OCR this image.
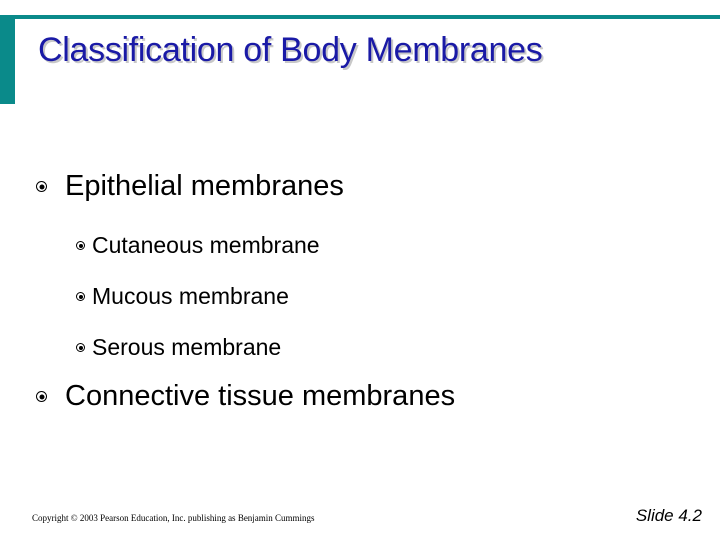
Classification of Body Membranes
Epithelial membranes
Cutaneous membrane
Mucous membrane
Serous membrane
Connective tissue membranes
Copyright © 2003 Pearson Education, Inc. publishing as Benjamin Cummings	Slide 4.2
